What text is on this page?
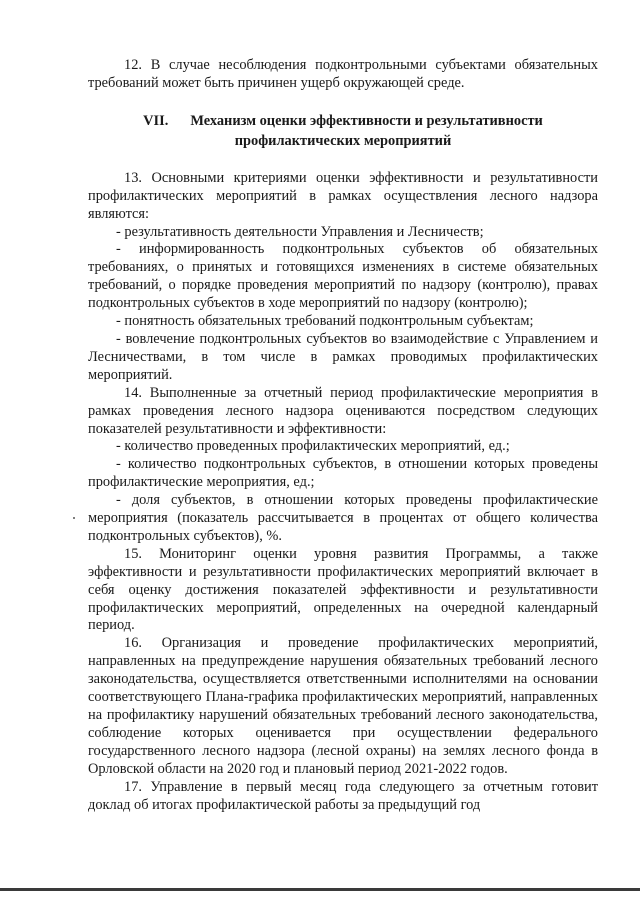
12. В случае несоблюдения подконтрольными субъектами обязательных требований может быть причинен ущерб окружающей среде.

VII. Механизм оценки эффективности и результативности
профилактических мероприятий

13. Основными критериями оценки эффективности и результативности профилактических мероприятий в рамках осуществления лесного надзора являются:

- результативность деятельности Управления и Лесничеств;

- информированность подконтрольных субъектов об обязательных требованиях, о принятых и готовящихся изменениях в системе обязательных требований, о порядке проведения мероприятий по надзору (контролю), правах подконтрольных субъектов в ходе мероприятий по надзору (контролю);

- понятность обязательных требований подконтрольным субъектам;

- вовлечение подконтрольных субъектов во взаимодействие с Управлением и Лесничествами, в том числе в рамках проводимых профилактических мероприятий.

14. Выполненные за отчетный период профилактические мероприятия в рамках проведения лесного надзора оцениваются посредством следующих показателей результативности и эффективности:

- количество проведенных профилактических мероприятий, ед.;

- количество подконтрольных субъектов, в отношении которых проведены профилактические мероприятия, ед.;

- доля субъектов, в отношении которых проведены профилактические мероприятия (показатель рассчитывается в процентах от общего количества подконтрольных субъектов), %.

15. Мониторинг оценки уровня развития Программы, а также эффективности и результативности профилактических мероприятий включает в себя оценку достижения показателей эффективности и результативности профилактических мероприятий, определенных на очередной календарный период.

16. Организация и проведение профилактических мероприятий, направленных на предупреждение нарушения обязательных требований лесного законодательства, осуществляется ответственными исполнителями на основании соответствующего Плана-графика профилактических мероприятий, направленных на профилактику нарушений обязательных требований лесного законодательства, соблюдение которых оценивается при осуществлении федерального государственного лесного надзора (лесной охраны) на землях лесного фонда в Орловской области на 2020 год и плановый период 2021-2022 годов.

17. Управление в первый месяц года следующего за отчетным готовит доклад об итогах профилактической работы за предыдущий год
